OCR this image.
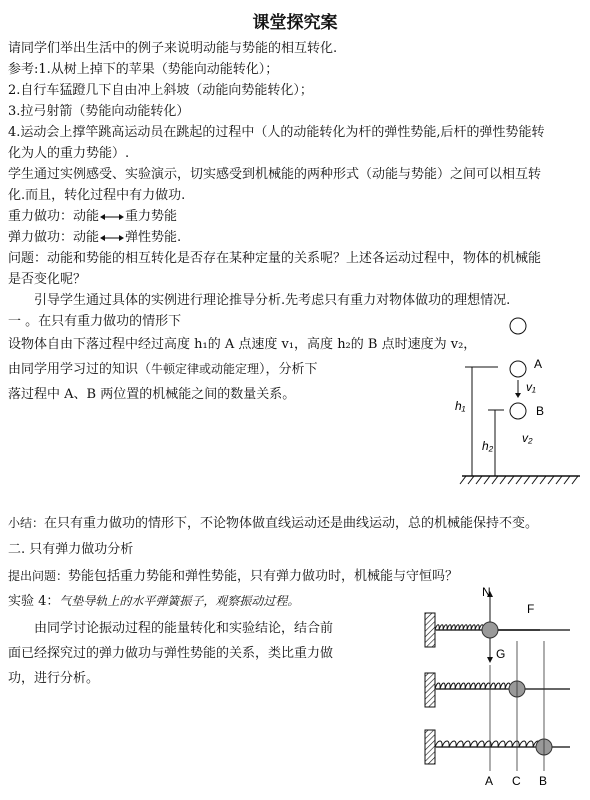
课堂探究案
请同学们举出生活中的例子来说明动能与势能的相互转化.
参考:1.从树上掉下的苹果（势能向动能转化）；
2.自行车猛蹬几下自由冲上斜坡（动能向势能转化）；
3.拉弓射箭（势能向动能转化）
4.运动会上撑竿跳高运动员在跳起的过程中（人的动能转化为杆的弹性势能,后杆的弹性势能转
化为人的重力势能）.
学生通过实例感受、实验演示，切实感受到机械能的两种形式（动能与势能）之间可以相互转
化.而且，转化过程中有力做功.
重力做功：动能 重力势能
弹力做功：动能 弹性势能.
问题：动能和势能的相互转化是否存在某种定量的关系呢？上述各运动过程中，物体的机械能
是否变化呢？
引导学生通过具体的实例进行理论推导分析.先考虑只有重力对物体做功的理想情况.
一 。在只有重力做功的情形下
设物体自由下落过程中经过高度 h₁的 A 点速度 v₁，高度 h₂的 B 点时速度为 v₂，
由同学用学习过的知识（牛顿定律或动能定理），分析下
落过程中 A、B 两位置的机械能之间的数量关系。
A
B
v₁
v₂
h₁
h₂
小结：在只有重力做功的情形下，不论物体做直线运动还是曲线运动，总的机械能保持不变。
二. 只有弹力做功分析
提出问题：势能包括重力势能和弹性势能，只有弹力做功时，机械能与守恒吗？
实验 4：气垫导轨上的水平弹簧振子，观察振动过程。
由同学讨论振动过程的能量转化和实验结论，结合前
面已经探究过的弹力做功与弹性势能的关系，类比重力做
功，进行分析。
N
F
G
A C B
